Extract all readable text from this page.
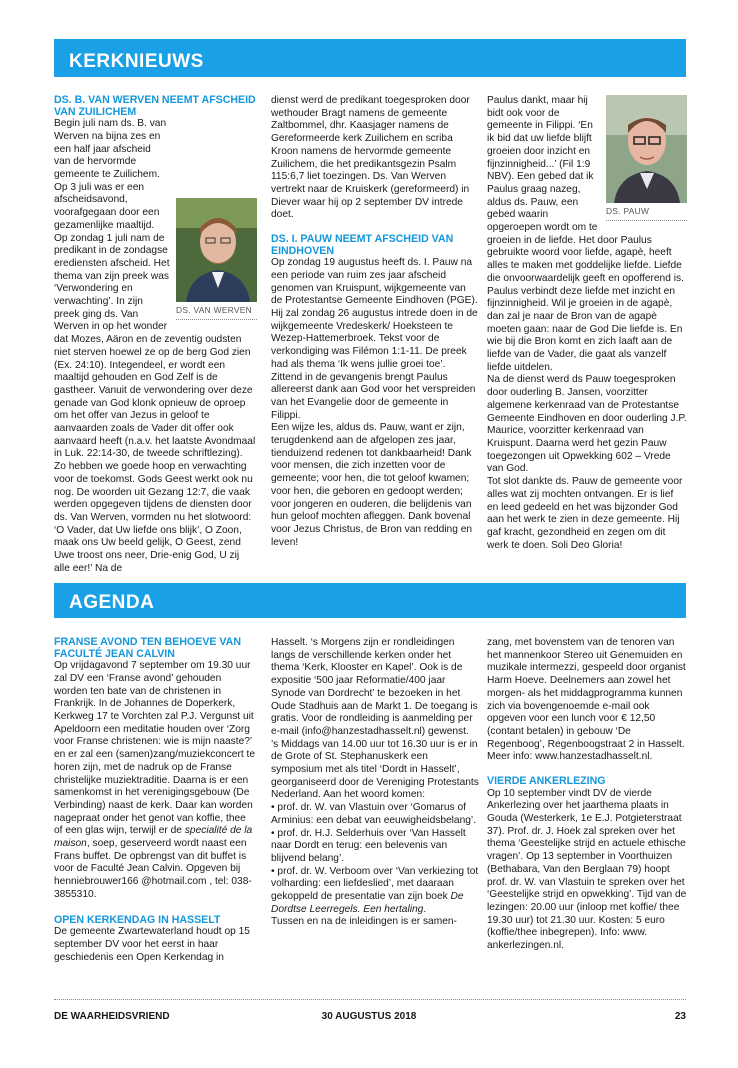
KERKNIEUWS
DS. B. VAN WERVEN NEEMT AFSCHEID VAN ZUILICHEM
DS. VAN WERVEN

Begin juli nam ds. B. van Werven na bijna zes en een half jaar afscheid van de hervormde gemeente te Zuilichem. Op 3 juli was er een afscheidsavond, voorafgegaan door een gezamenlijke maaltijd. Op zondag 1 juli nam de predikant in de zondagse erediensten afscheid. Het thema van zijn preek was ‘Verwondering en verwachting’. In zijn preek ging ds. Van Werven in op het wonder dat Mozes, Aäron en de zeventig oudsten niet sterven hoewel ze op de berg God zien (Ex. 24:10). Integendeel, er wordt een maaltijd gehouden en God Zelf is de gastheer. Vanuit de verwondering over deze genade van God klonk opnieuw de oproep om het offer van Jezus in geloof te aanvaarden zoals de Vader dit offer ook aanvaard heeft (n.a.v. het laatste Avondmaal in Luk. 22:14-30, de tweede schriftlezing). Zo hebben we goede hoop en verwachting voor de toekomst. Gods Geest werkt ook nu nog. De woorden uit Gezang 12:7, die vaak werden opgegeven tijdens de diensten door ds. Van Werven, vormden nu het slotwoord: ‘O Vader, dat Uw liefde ons blijk’, O Zoon, maak ons Uw beeld gelijk, O Geest, zend Uwe troost ons neer, Drie-enig God, U zij alle eer!’ Na de

dienst werd de predikant toegesproken door wethouder Bragt namens de gemeente Zaltbommel, dhr. Kaasjager namens de Gereformeerde kerk Zuilichem en scriba Kroon namens de hervormde gemeente Zuilichem, die het predikantsgezin Psalm 115:6,7 liet toezingen. Ds. Van Werven vertrekt naar de Kruiskerk (gereformeerd) in Diever waar hij op 2 september DV intrede doet.

DS. I. PAUW NEEMT AFSCHEID VAN EINDHOVEN

Op zondag 19 augustus heeft ds. I. Pauw na een periode van ruim zes jaar afscheid genomen van Kruispunt, wijkgemeente van de Protestantse Gemeente Eindhoven (PGE). Hij zal zondag 26 augustus intrede doen in de wijkgemeente Vredeskerk/ Hoeksteen te Wezep-Hattemerbroek. Tekst voor de verkondiging was Filémon 1:1-11. De preek had als thema ‘Ik wens jullie groei toe’. Zittend in de gevangenis brengt Paulus allereerst dank aan God voor het verspreiden van het Evangelie door de gemeente in Filippi.

Een wijze les, aldus ds. Pauw, want er zijn, terugdenkend aan de afgelopen zes jaar, tienduizend redenen tot dankbaarheid! Dank voor mensen, die zich inzetten voor de gemeente; voor hen, die tot geloof kwamen; voor hen, die geboren en gedoopt werden; voor jongeren en ouderen, die belijdenis van hun geloof mochten afleggen. Dank bovenal voor Jezus Christus, de Bron van redding en leven!

DS. PAUW

Paulus dankt, maar hij bidt ook voor de gemeente in Filippi. ‘En ik bid dat uw liefde blijft groeien door inzicht en fijnzinnigheid...’ (Fil 1:9 NBV). Een gebed dat ik Paulus graag nazeg, aldus ds. Pauw, een gebed waarin opgeroepen wordt om te groeien in de liefde. Het door Paulus gebruikte woord voor liefde, agapè, heeft alles te maken met goddelijke liefde. Liefde die onvoorwaardelijk geeft en opofferend is. Paulus verbindt deze liefde met inzicht en fijnzinnigheid. Wil je groeien in de agapè, dan zal je naar de Bron van de agapè moeten gaan: naar de God Die liefde is. En wie bij die Bron komt en zich laaft aan de liefde van de Vader, die gaat als vanzelf liefde uitdelen.

Na de dienst werd ds Pauw toegesproken door ouderling B. Jansen, voorzitter algemene kerkenraad van de Protestantse Gemeente Eindhoven en door ouderling J.P. Maurice, voorzitter kerkenraad van Kruispunt. Daarna werd het gezin Pauw toegezongen uit Opwekking 602 – Vrede van God.

Tot slot dankte ds. Pauw de gemeente voor alles wat zij mochten ontvangen. Er is lief en leed gedeeld en het was bijzonder God aan het werk te zien in deze gemeente. Hij gaf kracht, gezondheid en zegen om dit werk te doen. Soli Deo Gloria!

AGENDA
FRANSE AVOND TEN BEHOEVE VAN FACULTÉ JEAN CALVIN

Op vrijdagavond 7 september om 19.30 uur zal DV een ‘Franse avond’ gehouden worden ten bate van de christenen in Frankrijk. In de Johannes de Doperkerk, Kerkweg 17 te Vorchten zal P.J. Vergunst uit Apeldoorn een meditatie houden over ‘Zorg voor Franse christenen: wie is mijn naaste?’ en er zal een (samen)zang/muziekconcert te horen zijn, met de nadruk op de Franse christelijke muziektraditie. Daarna is er een samenkomst in het verenigingsgebouw (De Verbinding) naast de kerk. Daar kan worden nagepraat onder het genot van koffie, thee of een glas wijn, terwijl er de specialité de la maison, soep, geserveerd wordt naast een Frans buffet. De opbrengst van dit buffet is voor de Faculté Jean Calvin. Opgeven bij henniebrouwer166 @hotmail.com , tel: 038-3855310.

OPEN KERKENDAG IN HASSELT

De gemeente Zwartewaterland houdt op 15 september DV voor het eerst in haar geschiedenis een Open Kerkendag in

Hasselt. ‘s Morgens zijn er rondleidingen langs de verschillende kerken onder het thema ‘Kerk, Klooster en Kapel’. Ook is de expositie ‘500 jaar Reformatie/400 jaar Synode van Dordrecht’ te bezoeken in het Oude Stadhuis aan de Markt 1. De toegang is gratis. Voor de rondleiding is aanmelding per e-mail (info@hanzestadhasselt.nl) gewenst.

’s Middags van 14.00 uur tot 16.30 uur is er in de Grote of St. Stephanuskerk een symposium met als titel ‘Dordt in Hasselt’, georganiseerd door de Vereniging Protestants Nederland. Aan het woord komen:

• prof. dr. W. van Vlastuin over ‘Gomarus of Arminius: een debat van eeuwigheidsbelang’.

• prof. dr. H.J. Selderhuis over ‘Van Hasselt naar Dordt en terug: een belevenis van blijvend belang’.

• prof. dr. W. Verboom over ‘Van verkiezing tot volharding: een liefdeslied’, met daaraan gekoppeld de presentatie van zijn boek De Dordtse Leerregels. Een hertaling.

Tussen en na de inleidingen is er samen-

zang, met bovenstem van de tenoren van het mannenkoor Stereo uit Genemuiden en muzikale intermezzi, gespeeld door organist Harm Hoeve. Deelnemers aan zowel het morgen- als het middagprogramma kunnen zich via bovengenoemde e-mail ook opgeven voor een lunch voor € 12,50 (contant betalen) in gebouw ‘De Regenboog’, Regenboogstraat 2 in Hasselt. Meer info: www.hanzestadhasselt.nl.

VIERDE ANKERLEZING

Op 10 september vindt DV de vierde Ankerlezing over het jaarthema plaats in Gouda (Westerkerk, 1e E.J. Potgieterstraat 37). Prof. dr. J. Hoek zal spreken over het thema ‘Geestelijke strijd en actuele ethische vragen’. Op 13 september in Voorthuizen (Bethabara, Van den Berglaan 79) hoopt prof. dr. W. van Vlastuin te spreken over het ‘Geestelijke strijd en opwekking’. Tijd van de lezingen: 20.00 uur (inloop met koffie/ thee 19.30 uur) tot 21.30 uur. Kosten: 5 euro (koffie/thee inbegrepen). Info: www. ankerlezingen.nl.

DE WAARHEIDSVRIEND	30 AUGUSTUS 2018	23
